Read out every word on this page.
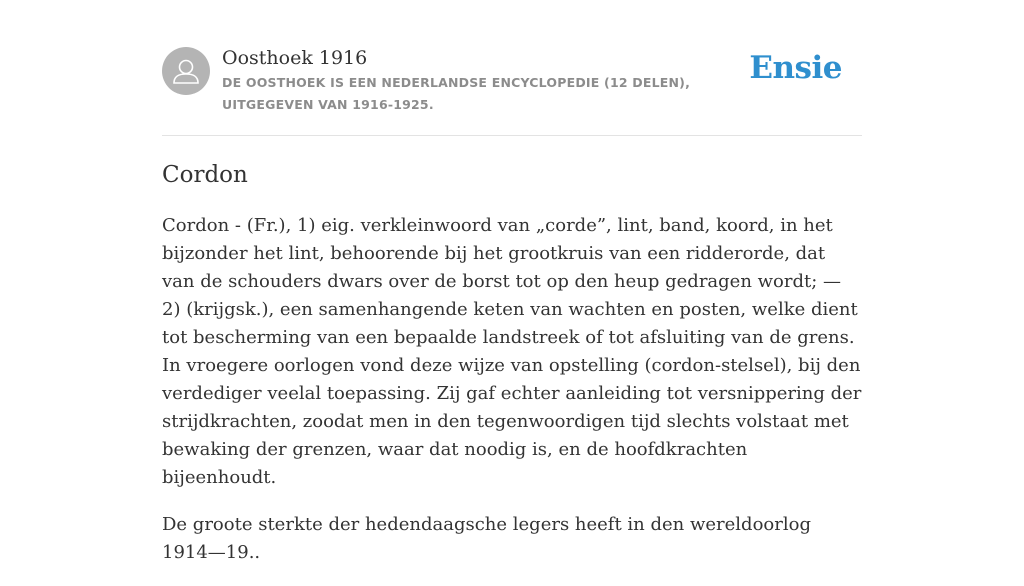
Oosthoek 1916
DE OOSTHOEK IS EEN NEDERLANDSE ENCYCLOPEDIE (12 DELEN), UITGEGEVEN VAN 1916-1925.
Ensie
Cordon

Cordon - (Fr.), 1) eig. verkleinwoord van „corde”, lint, band, koord, in het bijzonder het lint, behoorende bij het grootkruis van een ridderorde, dat van de schouders dwars over de borst tot op den heup gedragen wordt; — 2) (krijgsk.), een samenhangende keten van wachten en posten, welke dient tot bescherming van een bepaalde landstreek of tot afsluiting van de grens. In vroegere oorlogen vond deze wijze van opstelling (cordon-stelsel), bij den verdediger veelal toepassing. Zij gaf echter aanleiding tot versnippering der strijdkrachten, zoodat men in den tegenwoordigen tijd slechts volstaat met bewaking der grenzen, waar dat noodig is, en de hoofdkrachten bijeenhoudt.

De groote sterkte der hedendaagsche legers heeft in den wereldoorlog 1914—19..
